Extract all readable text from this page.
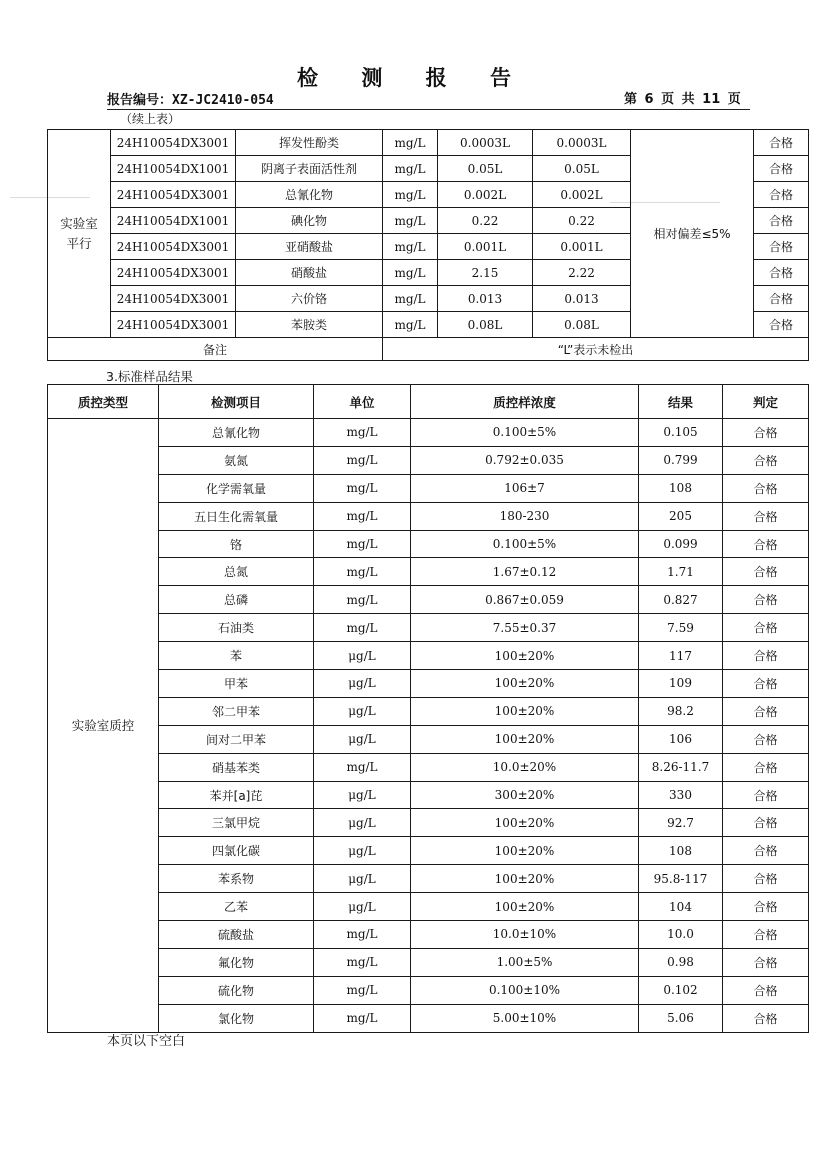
检 测 报 告
报告编号：XZ-JC2410-054	第 6 页 共 11 页
（续上表）
实验室
平行	24H10054DX3001	挥发性酚类	mg/L	0.0003L	0.0003L	相对偏差≤5%	合格
	24H10054DX1001	阴离子表面活性剂	mg/L	0.05L	0.05L		合格
	24H10054DX3001	总氰化物	mg/L	0.002L	0.002L		合格
	24H10054DX1001	碘化物	mg/L	0.22	0.22		合格
	24H10054DX3001	亚硝酸盐	mg/L	0.001L	0.001L		合格
	24H10054DX3001	硝酸盐	mg/L	2.15	2.22		合格
	24H10054DX3001	六价铬	mg/L	0.013	0.013		合格
	24H10054DX3001	苯胺类	mg/L	0.08L	0.08L		合格
备注			“L”表示未检出				
3.标准样品结果
质控类型	检测项目	单位	质控样浓度	结果	判定
实验室质控	总氰化物	mg/L	0.100±5%	0.105	合格
	氨氮	mg/L	0.792±0.035	0.799	合格
	化学需氧量	mg/L	106±7	108	合格
	五日生化需氧量	mg/L	180-230	205	合格
	铬	mg/L	0.100±5%	0.099	合格
	总氮	mg/L	1.67±0.12	1.71	合格
	总磷	mg/L	0.867±0.059	0.827	合格
	石油类	mg/L	7.55±0.37	7.59	合格
	苯	μg/L	100±20%	117	合格
	甲苯	μg/L	100±20%	109	合格
	邻二甲苯	μg/L	100±20%	98.2	合格
	间对二甲苯	μg/L	100±20%	106	合格
	硝基苯类	mg/L	10.0±20%	8.26-11.7	合格
	苯并[a]芘	μg/L	300±20%	330	合格
	三氯甲烷	μg/L	100±20%	92.7	合格
	四氯化碳	μg/L	100±20%	108	合格
	苯系物	μg/L	100±20%	95.8-117	合格
	乙苯	μg/L	100±20%	104	合格
	硫酸盐	mg/L	10.0±10%	10.0	合格
	氟化物	mg/L	1.00±5%	0.98	合格
	硫化物	mg/L	0.100±10%	0.102	合格
	氯化物	mg/L	5.00±10%	5.06	合格
本页以下空白
